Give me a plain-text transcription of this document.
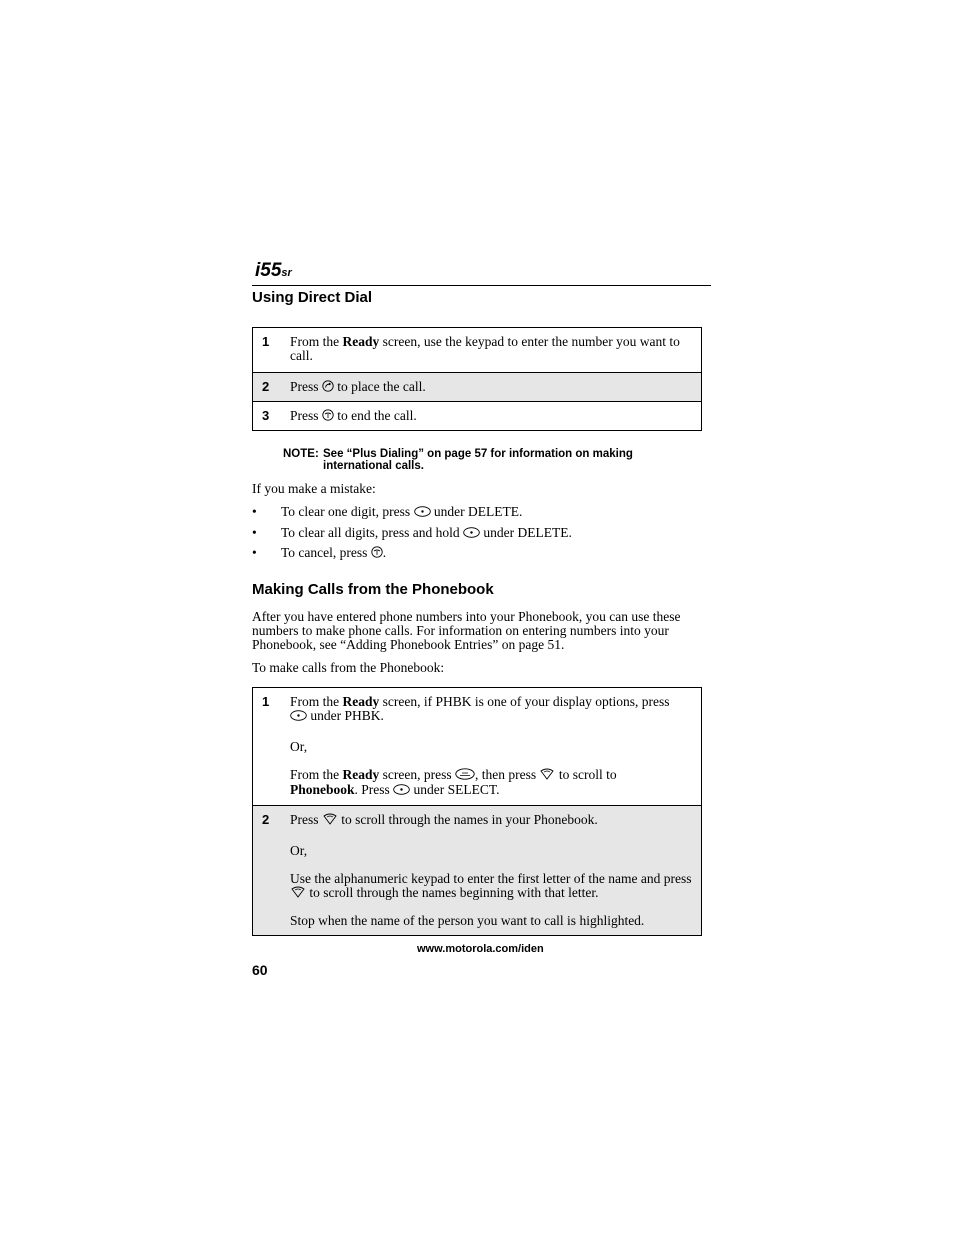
i55sr
Using Direct Dial
1 From the Ready screen, use the keypad to enter the number you want to call.
2 Press  to place the call.
3 Press  to end the call.
NOTE: See “Plus Dialing” on page 57 for information on making international calls.
If you make a mistake:
• To clear one digit, press  under DELETE.
• To clear all digits, press and hold  under DELETE.
• To cancel, press .
Making Calls from the Phonebook
After you have entered phone numbers into your Phonebook, you can use these numbers to make phone calls. For information on entering numbers into your Phonebook, see “Adding Phonebook Entries” on page 51.
To make calls from the Phonebook:
1 From the Ready screen, if PHBK is one of your display options, press
under PHBK.
Or,
From the Ready screen, press , then press  to scroll to
Phonebook. Press  under SELECT.
2 Press  to scroll through the names in your Phonebook.
Or,
Use the alphanumeric keypad to enter the first letter of the name and press  to scroll through the names beginning with that letter.
Stop when the name of the person you want to call is highlighted.
www.motorola.com/iden
60
